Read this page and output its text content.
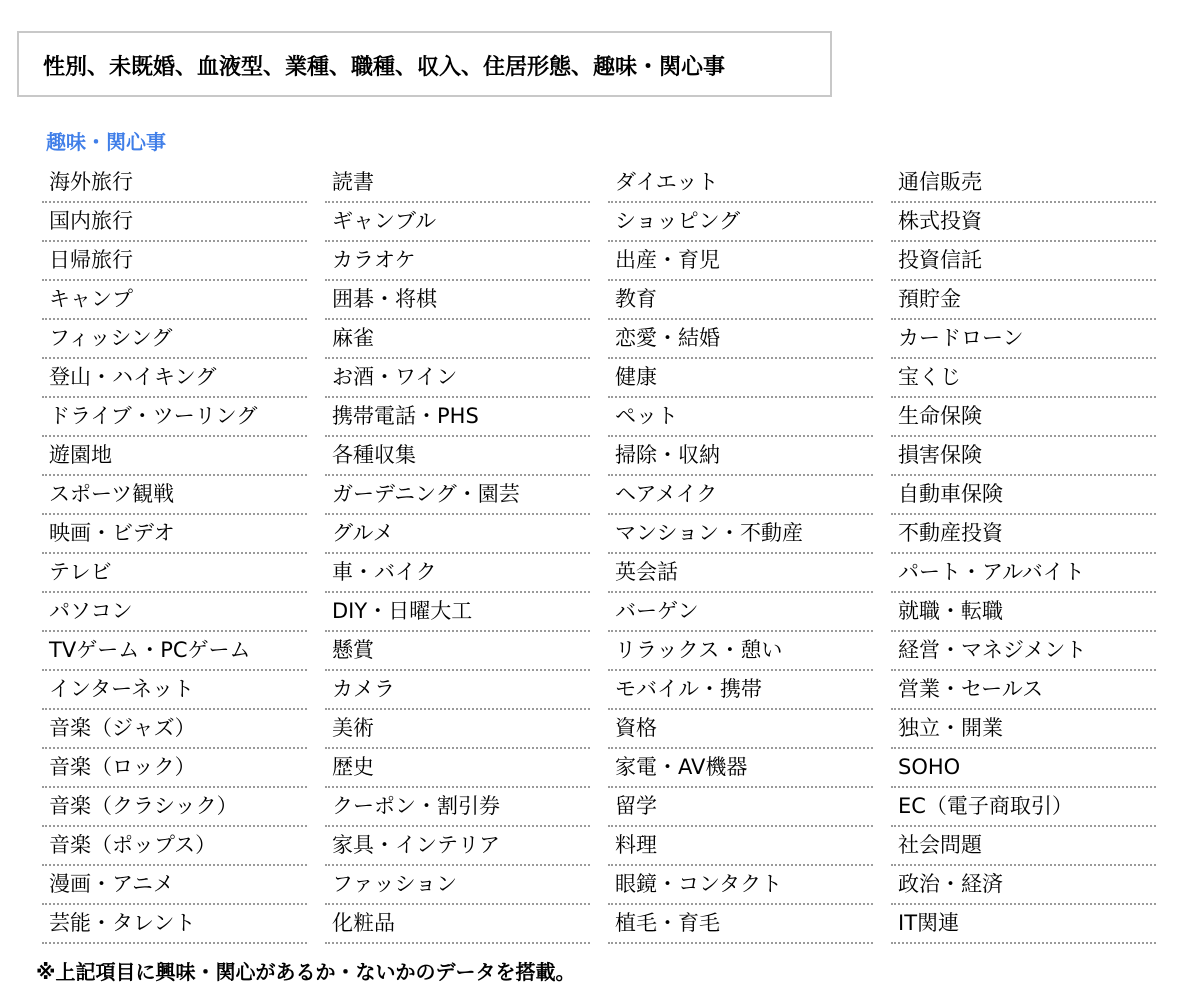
性別、未既婚、血液型、業種、職種、収入、住居形態、趣味・関心事
趣味・関心事
海外旅行	読書	ダイエット	通信販売
国内旅行	ギャンブル	ショッピング	株式投資
日帰旅行	カラオケ	出産・育児	投資信託
キャンプ	囲碁・将棋	教育	預貯金
フィッシング	麻雀	恋愛・結婚	カードローン
登山・ハイキング	お酒・ワイン	健康	宝くじ
ドライブ・ツーリング	携帯電話・PHS	ペット	生命保険
遊園地	各種収集	掃除・収納	損害保険
スポーツ観戦	ガーデニング・園芸	ヘアメイク	自動車保険
映画・ビデオ	グルメ	マンション・不動産	不動産投資
テレビ	車・バイク	英会話	パート・アルバイト
パソコン	DIY・日曜大工	バーゲン	就職・転職
TVゲーム・PCゲーム	懸賞	リラックス・憩い	経営・マネジメント
インターネット	カメラ	モバイル・携帯	営業・セールス
音楽（ジャズ）	美術	資格	独立・開業
音楽（ロック）	歴史	家電・AV機器	SOHO
音楽（クラシック）	クーポン・割引券	留学	EC（電子商取引）
音楽（ポップス）	家具・インテリア	料理	社会問題
漫画・アニメ	ファッション	眼鏡・コンタクト	政治・経済
芸能・タレント	化粧品	植毛・育毛	IT関連
※上記項目に興味・関心があるか・ないかのデータを搭載。
